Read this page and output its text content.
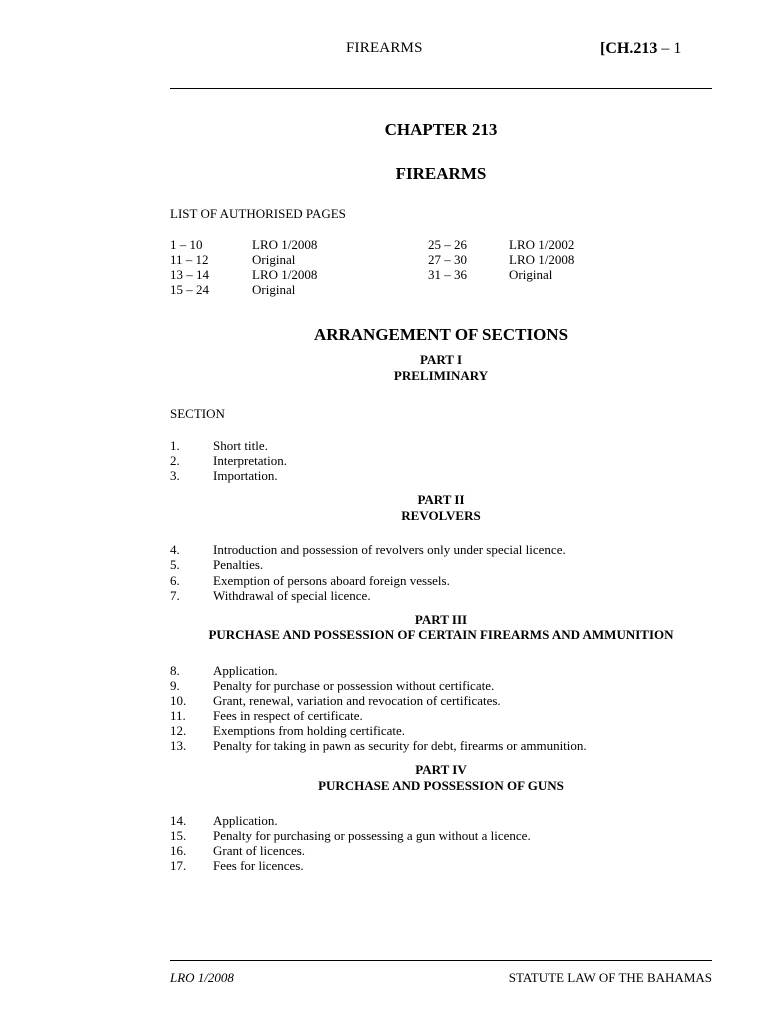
FIREARMS	[CH.213 – 1
CHAPTER 213
FIREARMS
LIST OF AUTHORISED PAGES
1 – 10	LRO 1/2008	25 – 26	LRO 1/2002
11 – 12	Original	27 – 30	LRO 1/2008
13 – 14	LRO 1/2008	31 – 36	Original
15 – 24	Original
ARRANGEMENT OF SECTIONS
PART I
PRELIMINARY
SECTION
1.	Short title.
2.	Interpretation.
3.	Importation.
PART II
REVOLVERS
4.	Introduction and possession of revolvers only under special licence.
5.	Penalties.
6.	Exemption of persons aboard foreign vessels.
7.	Withdrawal of special licence.
PART III
PURCHASE AND POSSESSION OF CERTAIN FIREARMS AND AMMUNITION
8.	Application.
9.	Penalty for purchase or possession without certificate.
10. Grant, renewal, variation and revocation of certificates.
11. Fees in respect of certificate.
12. Exemptions from holding certificate.
13. Penalty for taking in pawn as security for debt, firearms or ammunition.
PART IV
PURCHASE AND POSSESSION OF GUNS
14. Application.
15. Penalty for purchasing or possessing a gun without a licence.
16. Grant of licences.
17. Fees for licences.
LRO 1/2008	STATUTE LAW OF THE BAHAMAS
